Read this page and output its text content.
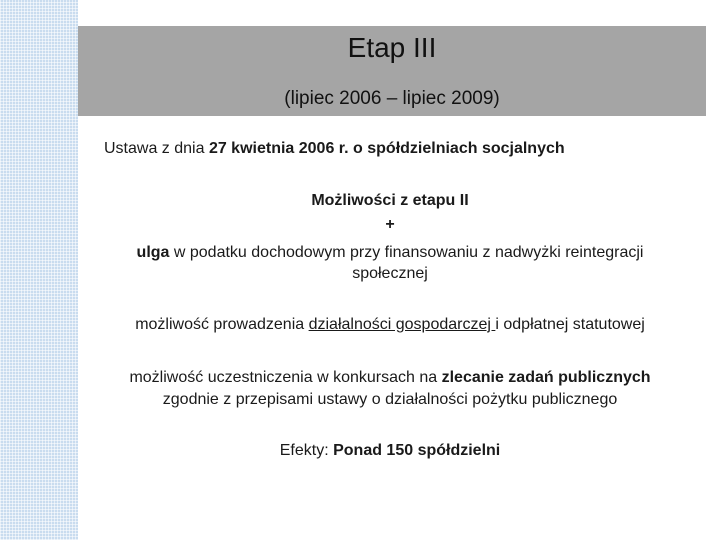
Etap III
(lipiec 2006 – lipiec 2009)
Ustawa z dnia 27 kwietnia 2006 r. o spółdzielniach socjalnych
Możliwości z etapu II
+
ulga w podatku dochodowym przy finansowaniu z nadwyżki reintegracji
społecznej
możliwość prowadzenia działalności gospodarczej i odpłatnej statutowej
możliwość uczestniczenia w konkursach na zlecanie zadań publicznych
zgodnie z przepisami ustawy o działalności pożytku publicznego
Efekty: Ponad 150 spółdzielni
